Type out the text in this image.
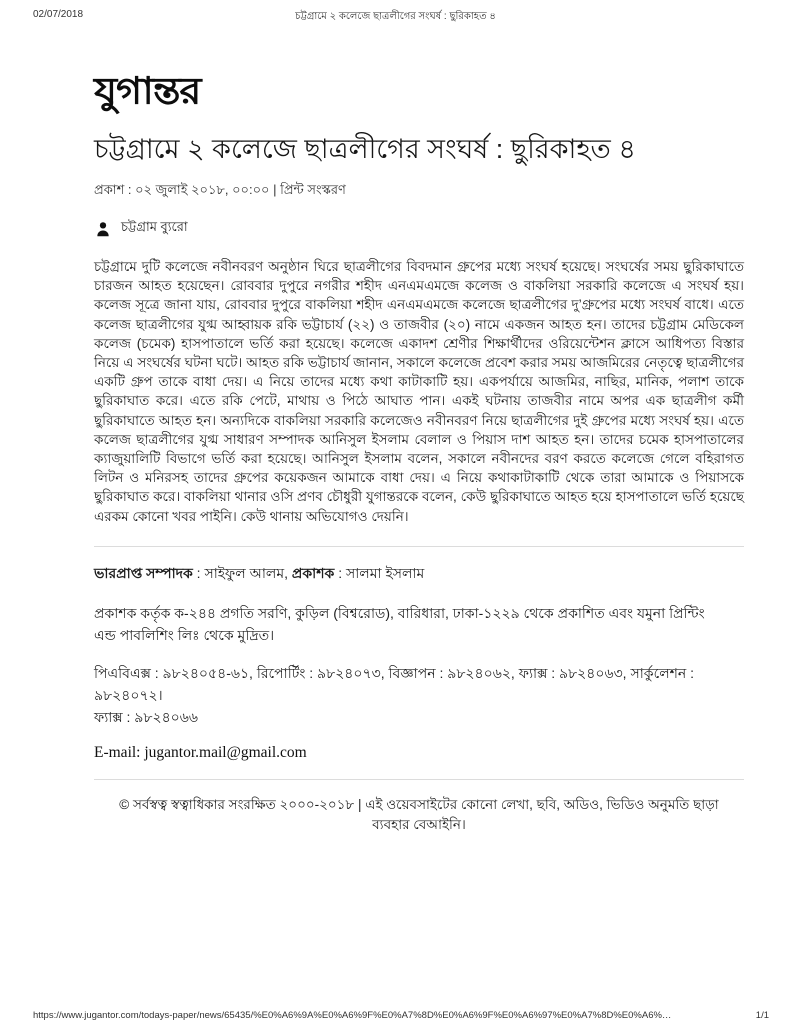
02/07/2018	চট্টগ্রামে ২ কলেজে ছাত্রলীগের সংঘর্ষ : ছুরিকাহত ৪
যুগান্তর
চট্টগ্রামে ২ কলেজে ছাত্রলীগের সংঘর্ষ : ছুরিকাহত ৪
প্রকাশ : ০২ জুলাই ২০১৮, ০০:০০ | প্রিন্ট সংস্করণ
চট্টগ্রাম ব্যুরো

চট্টগ্রামে দুটি কলেজে নবীনবরণ অনুষ্ঠান ঘিরে ছাত্রলীগের বিবদমান গ্রুপের মধ্যে সংঘর্ষ হয়েছে। সংঘর্ষের সময় ছুরিকাঘাতে চারজন আহত হয়েছেন। রোববার দুপুরে নগরীর শহীদ এনএমএমজে কলেজ ও বাকলিয়া সরকারি কলেজে এ সংঘর্ষ হয়। কলেজ সূত্রে জানা যায়, রোববার দুপুরে বাকলিয়া শহীদ এনএমএমজে কলেজে ছাত্রলীগের দু’গ্রুপের মধ্যে সংঘর্ষ বাধে। এতে কলেজ ছাত্রলীগের যুগ্ম আহ্বায়ক রকি ভট্টাচার্য (২২) ও তাজবীর (২০) নামে একজন আহত হন। তাদের চট্টগ্রাম মেডিকেল কলেজ (চমেক) হাসপাতালে ভর্তি করা হয়েছে। কলেজে একাদশ শ্রেণীর শিক্ষার্থীদের ওরিয়েন্টেশন ক্লাসে আধিপত্য বিস্তার নিয়ে এ সংঘর্ষের ঘটনা ঘটে। আহত রকি ভট্টাচার্য জানান, সকালে কলেজে প্রবেশ করার সময় আজমিরের নেতৃত্বে ছাত্রলীগের একটি গ্রুপ তাকে বাধা দেয়। এ নিয়ে তাদের মধ্যে কথা কাটাকাটি হয়। একপর্যায়ে আজমির, নাছির, মানিক, পলাশ তাকে ছুরিকাঘাত করে। এতে রকি পেটে, মাথায় ও পিঠে আঘাত পান। একই ঘটনায় তাজবীর নামে অপর এক ছাত্রলীগ কর্মী ছুরিকাঘাতে আহত হন। অন্যদিকে বাকলিয়া সরকারি কলেজেও নবীনবরণ নিয়ে ছাত্রলীগের দুই গ্রুপের মধ্যে সংঘর্ষ হয়। এতে কলেজ ছাত্রলীগের যুগ্ম সাধারণ সম্পাদক আনিসুল ইসলাম বেলাল ও পিয়াস দাশ আহত হন। তাদের চমেক হাসপাতালের ক্যাজুয়ালিটি বিভাগে ভর্তি করা হয়েছে। আনিসুল ইসলাম বলেন, সকালে নবীনদের বরণ করতে কলেজে গেলে বহিরাগত লিটন ও মনিরসহ তাদের গ্রুপের কয়েকজন আমাকে বাধা দেয়। এ নিয়ে কথাকাটাকাটি থেকে তারা আমাকে ও পিয়াসকে ছুরিকাঘাত করে। বাকলিয়া থানার ওসি প্রণব চৌধুরী যুগান্তরকে বলেন, কেউ ছুরিকাঘাতে আহত হয়ে হাসপাতালে ভর্তি হয়েছে এরকম কোনো খবর পাইনি। কেউ থানায় অভিযোগও দেয়নি।

ভারপ্রাপ্ত সম্পাদক : সাইফুল আলম, প্রকাশক : সালমা ইসলাম
প্রকাশক কর্তৃক ক-২৪৪ প্রগতি সরণি, কুড়িল (বিশ্বরোড), বারিধারা, ঢাকা-১২২৯ থেকে প্রকাশিত এবং যমুনা প্রিন্টিং এন্ড পাবলিশিং লিঃ থেকে মুদ্রিত।
পিএবিএক্স : ৯৮২৪০৫৪-৬১, রিপোর্টিং : ৯৮২৪০৭৩, বিজ্ঞাপন : ৯৮২৪০৬২, ফ্যাক্স : ৯৮২৪০৬৩, সার্কুলেশন : ৯৮২৪০৭২।
ফ্যাক্স : ৯৮২৪০৬৬
E-mail: jugantor.mail@gmail.com
© সর্বস্বত্ব স্বত্বাধিকার সংরক্ষিত ২০০০-২০১৮ | এই ওয়েবসাইটের কোনো লেখা, ছবি, অডিও, ভিডিও অনুমতি ছাড়া ব্যবহার বেআইনি।
https://www.jugantor.com/todays-paper/news/65435/%E0%A6%9A%E0%A6%9F%E0%A7%8D%E0%A6%9F%E0%A6%97%E0%A7%8D%E0%A6%…	1/1
